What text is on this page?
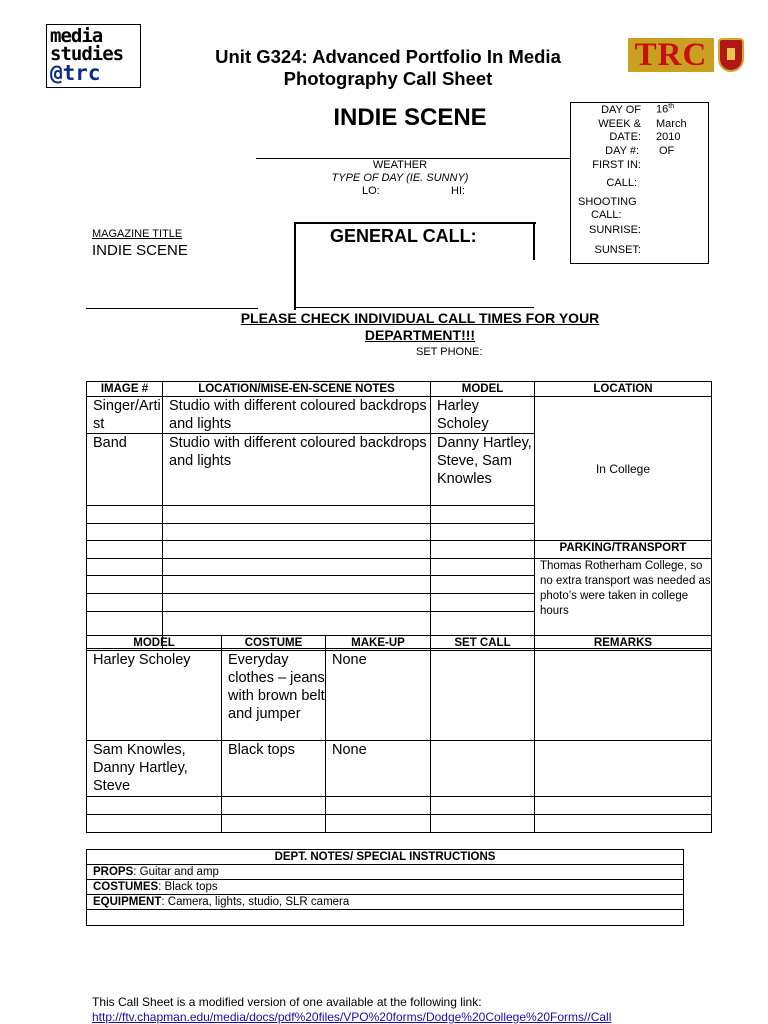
media
studies
@trc
Unit G324: Advanced Portfolio In Media
Photography Call Sheet
TRC
INDIE SCENE
WEATHER
TYPE OF DAY (IE. SUNNY)
LO:	HI:
DAY OF 16th
WEEK & March
DATE: 2010
DAY #: OF
FIRST IN:
CALL:
SHOOTING
CALL:
SUNRISE:
SUNSET:
MAGAZINE TITLE
INDIE SCENE
GENERAL CALL:
PLEASE CHECK INDIVIDUAL CALL TIMES FOR YOUR DEPARTMENT!!!
SET PHONE:
IMAGE #	LOCATION/MISE-EN-SCENE NOTES	MODEL	LOCATION
Singer/Artist	Studio with different coloured backdrops and lights	Harley Scholey	In College
Band	Studio with different coloured backdrops and lights	Danny Hartley, Steve, Sam Knowles	

			PARKING/TRANSPORT
			Thomas Rotherham College, so no extra transport was needed as photo’s were taken in college hours

MODEL	COSTUME	MAKE-UP	SET CALL	REMARKS
Harley Scholey	Everyday clothes – jeans with brown belt and jumper	None		
Sam Knowles, Danny Hartley, Steve	Black tops	None		

DEPT. NOTES/ SPECIAL INSTRUCTIONS
PROPS: Guitar and amp
COSTUMES: Black tops
EQUIPMENT: Camera, lights, studio, SLR camera

This Call Sheet is a modified version of one available at the following link:
http://ftv.chapman.edu/media/docs/pdf%20files/VPO%20forms/Dodge%20College%20Forms//Call
